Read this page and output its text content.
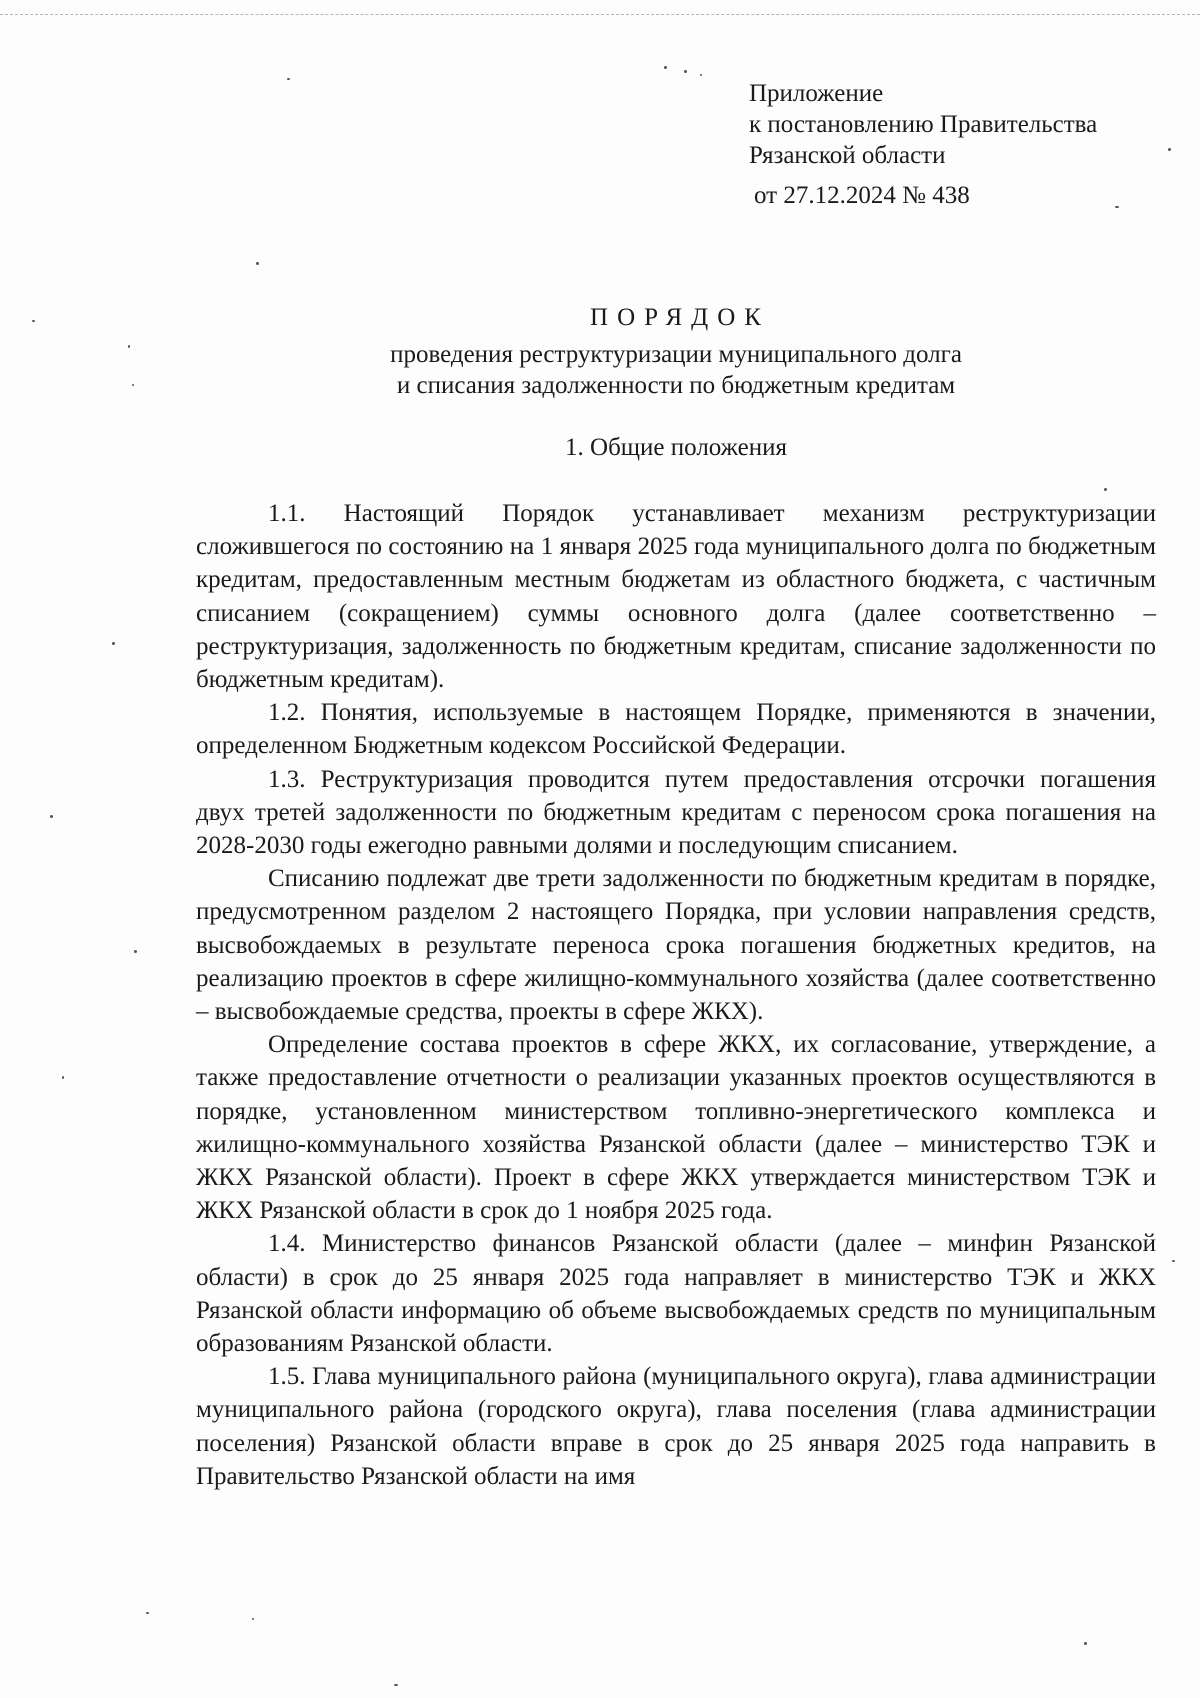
Приложение
к постановлению Правительства
Рязанской области
от 27.12.2024 № 438
ПОРЯДОК
проведения реструктуризации муниципального долга
и списания задолженности по бюджетным кредитам
1. Общие положения

1.1. Настоящий Порядок устанавливает механизм реструктуризации сложившегося по состоянию на 1 января 2025 года муниципального долга по бюджетным кредитам, предоставленным местным бюджетам из областного бюджета, с частичным списанием (сокращением) суммы основного долга (далее соответственно – реструктуризация, задолженность по бюджетным кредитам, списание задолженности по бюджетным кредитам).

1.2. Понятия, используемые в настоящем Порядке, применяются в значении, определенном Бюджетным кодексом Российской Федерации.

1.3. Реструктуризация проводится путем предоставления отсрочки погашения двух третей задолженности по бюджетным кредитам с переносом срока погашения на 2028-2030 годы ежегодно равными долями и последующим списанием.

Списанию подлежат две трети задолженности по бюджетным кредитам в порядке, предусмотренном разделом 2 настоящего Порядка, при условии направления средств, высвобождаемых в результате переноса срока погашения бюджетных кредитов, на реализацию проектов в сфере жилищно-коммунального хозяйства (далее соответственно – высвобождаемые средства, проекты в сфере ЖКХ).

Определение состава проектов в сфере ЖКХ, их согласование, утверждение, а также предоставление отчетности о реализации указанных проектов осуществляются в порядке, установленном министерством топливно-энергетического комплекса и жилищно-коммунального хозяйства Рязанской области (далее – министерство ТЭК и ЖКХ Рязанской области). Проект в сфере ЖКХ утверждается министерством ТЭК и ЖКХ Рязанской области в срок до 1 ноября 2025 года.

1.4. Министерство финансов Рязанской области (далее – минфин Рязанской области) в срок до 25 января 2025 года направляет в министерство ТЭК и ЖКХ Рязанской области информацию об объеме высвобождаемых средств по муниципальным образованиям Рязанской области.

1.5. Глава муниципального района (муниципального округа), глава администрации муниципального района (городского округа), глава поселения (глава администрации поселения) Рязанской области вправе в срок до 25 января 2025 года направить в Правительство Рязанской области на имя
